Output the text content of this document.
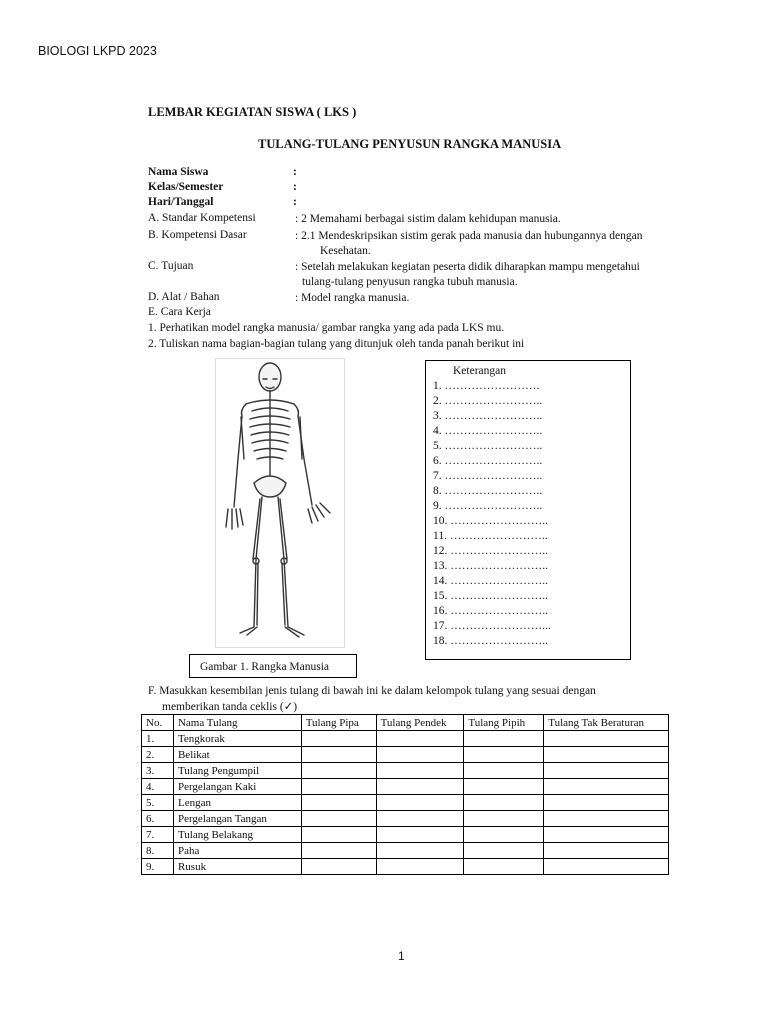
BIOLOGI LKPD 2023
LEMBAR KEGIATAN SISWA ( LKS )
TULANG-TULANG PENYUSUN RANGKA MANUSIA
Nama Siswa	:
Kelas/Semester	:
Hari/Tanggal	:
A. Standar Kompetensi	: 2 Memahami berbagai sistim dalam kehidupan manusia.
B. Kompetensi Dasar	: 2.1 Mendeskripsikan sistim gerak pada manusia dan hubungannya dengan
Kesehatan.
C. Tujuan	: Setelah melakukan kegiatan peserta didik diharapkan mampu mengetahui
tulang-tulang penyusun rangka tubuh manusia.
D. Alat / Bahan	: Model rangka manusia.
E. Cara Kerja
1. Perhatikan model rangka manusia/ gambar rangka yang ada pada LKS mu.
2. Tuliskan nama bagian-bagian tulang yang ditunjuk oleh tanda panah berikut ini
Gambar 1. Rangka Manusia
Keterangan
1. …………………….
2. ……………………..
3. ……………………..
4. ……………………..
5. ……………………..
6. ……………………..
7. ……………………..
8. ……………………..
9. ……………………..
10. ……………………..
11. ……………………..
12. ……………………..
13. ……………………..
14. ……………………..
15. ……………………..
16. ……………………..
17. ……………………...
18. ……………………..
F. Masukkan kesembilan jenis tulang di bawah ini ke dalam kelompok tulang yang sesuai dengan
memberikan tanda ceklis (✓)
No.	Nama Tulang	Tulang Pipa	Tulang Pendek	Tulang Pipih	Tulang Tak Beraturan
1.	Tengkorak				
2.	Belikat				
3.	Tulang Pengumpil				
4.	Pergelangan Kaki				
5.	Lengan				
6.	Pergelangan Tangan				
7.	Tulang Belakang				
8.	Paha				
9.	Rusuk				
1
